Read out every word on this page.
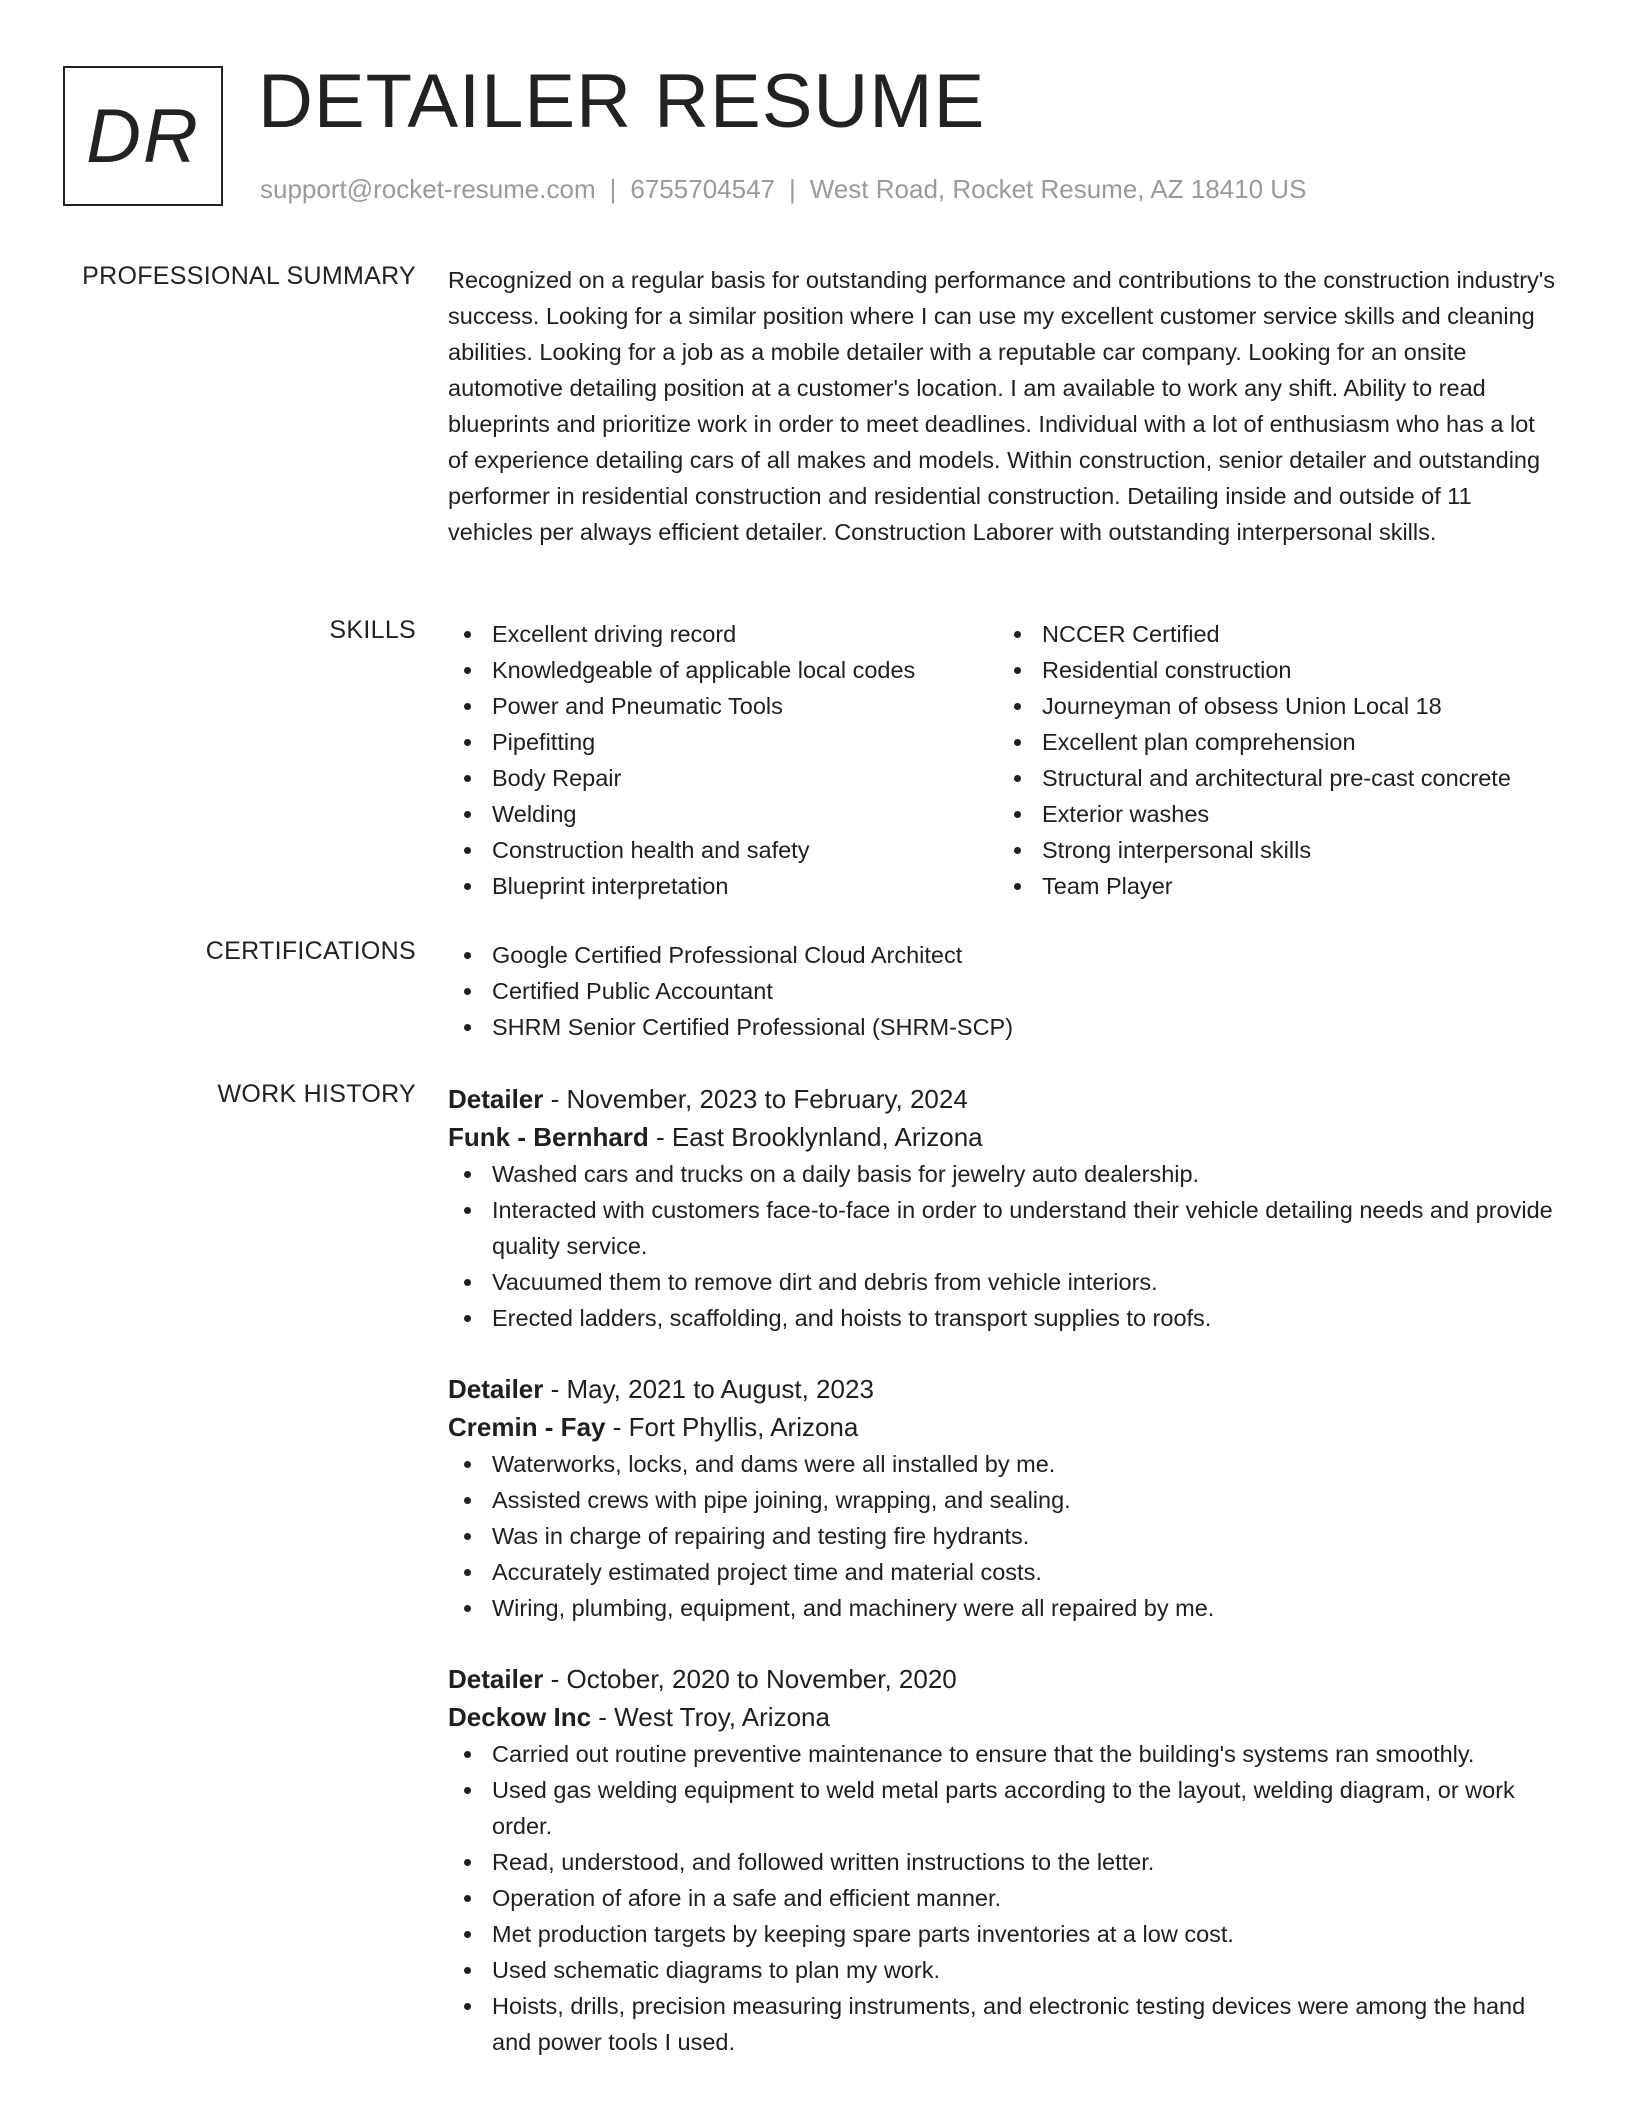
DR DETAILER RESUME
support@rocket-resume.com | 6755704547 | West Road, Rocket Resume, AZ 18410 US
PROFESSIONAL SUMMARY Recognized on a regular basis for outstanding performance and contributions to the construction industry's success. Looking for a similar position where I can use my excellent customer service skills and cleaning abilities. Looking for a job as a mobile detailer with a reputable car company. Looking for an onsite automotive detailing position at a customer's location. I am available to work any shift. Ability to read blueprints and prioritize work in order to meet deadlines. Individual with a lot of enthusiasm who has a lot of experience detailing cars of all makes and models. Within construction, senior detailer and outstanding performer in residential construction and residential construction. Detailing inside and outside of 11 vehicles per always efficient detailer. Construction Laborer with outstanding interpersonal skills.

SKILLS	Excellent driving record
Knowledgeable of applicable local codes
Power and Pneumatic Tools
Pipefitting
Body Repair
Welding
Construction health and safety
Blueprint interpretation
NCCER Certified
Residential construction
Journeyman of obsess Union Local 18
Excellent plan comprehension
Structural and architectural pre-cast concrete
Exterior washes
Strong interpersonal skills
Team Player
CERTIFICATIONS	Google Certified Professional Cloud Architect
Certified Public Accountant
SHRM Senior Certified Professional (SHRM-SCP)
WORK HISTORY Detailer - November, 2023 to February, 2024
Funk - Bernhard - East Brooklynland, Arizona
Washed cars and trucks on a daily basis for jewelry auto dealership.
Interacted with customers face-to-face in order to understand their vehicle detailing needs and provide quality service.
Vacuumed them to remove dirt and debris from vehicle interiors.
Erected ladders, scaffolding, and hoists to transport supplies to roofs.
Detailer - May, 2021 to August, 2023
Cremin - Fay - Fort Phyllis, Arizona
Waterworks, locks, and dams were all installed by me.
Assisted crews with pipe joining, wrapping, and sealing.
Was in charge of repairing and testing fire hydrants.
Accurately estimated project time and material costs.
Wiring, plumbing, equipment, and machinery were all repaired by me.
Detailer - October, 2020 to November, 2020
Deckow Inc - West Troy, Arizona
Carried out routine preventive maintenance to ensure that the building's systems ran smoothly.
Used gas welding equipment to weld metal parts according to the layout, welding diagram, or work order.
Read, understood, and followed written instructions to the letter.
Operation of afore in a safe and efficient manner.
Met production targets by keeping spare parts inventories at a low cost.
Used schematic diagrams to plan my work.
Hoists, drills, precision measuring instruments, and electronic testing devices were among the hand and power tools I used.
